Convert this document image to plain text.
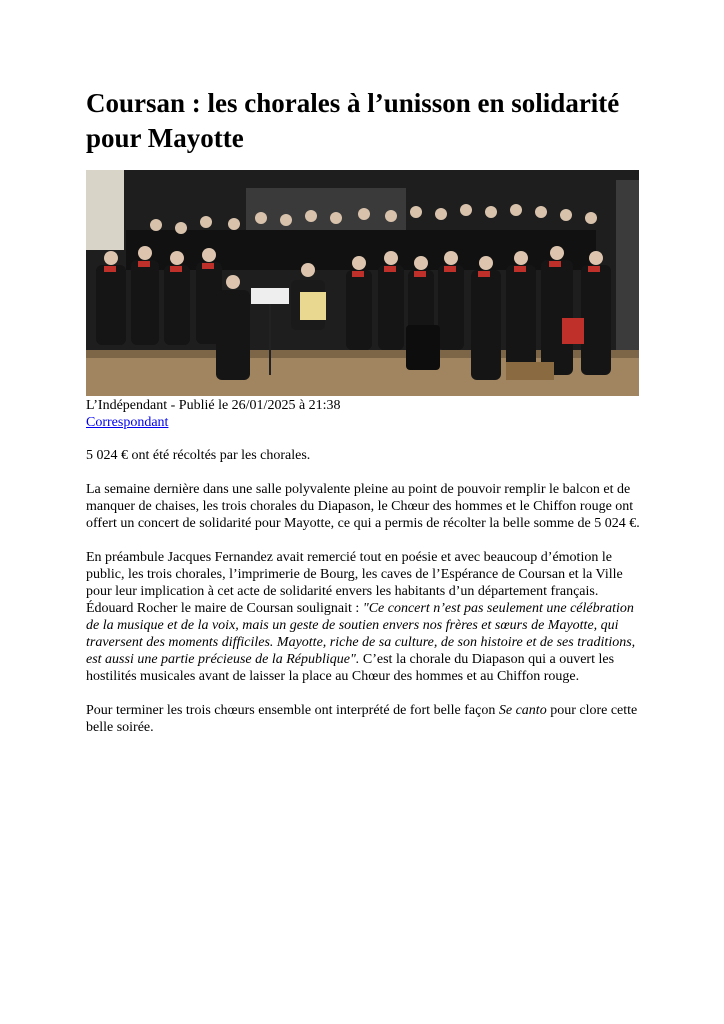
Coursan : les chorales à l’unisson en solidarité pour Mayotte
L’Indépendant - Publié le 26/01/2025 à 21:38
Correspondant

5 024 € ont été récoltés par les chorales.

La semaine dernière dans une salle polyvalente pleine au point de pouvoir remplir le balcon et de manquer de chaises, les trois chorales du Diapason, le Chœur des hommes et le Chiffon rouge ont offert un concert de solidarité pour Mayotte, ce qui a permis de récolter la belle somme de 5 024 €.

En préambule Jacques Fernandez avait remercié tout en poésie et avec beaucoup d’émotion le public, les trois chorales, l’imprimerie de Bourg, les caves de l’Espérance de Coursan et la Ville pour leur implication à cet acte de solidarité envers les habitants d’un département français. Édouard Rocher le maire de Coursan soulignait : "Ce concert n’est pas seulement une célébration de la musique et de la voix, mais un geste de soutien envers nos frères et sœurs de Mayotte, qui traversent des moments difficiles. Mayotte, riche de sa culture, de son histoire et de ses traditions, est aussi une partie précieuse de la République". C’est la chorale du Diapason qui a ouvert les hostilités musicales avant de laisser la place au Chœur des hommes et au Chiffon rouge.

Pour terminer les trois chœurs ensemble ont interprété de fort belle façon Se canto pour clore cette belle soirée.
